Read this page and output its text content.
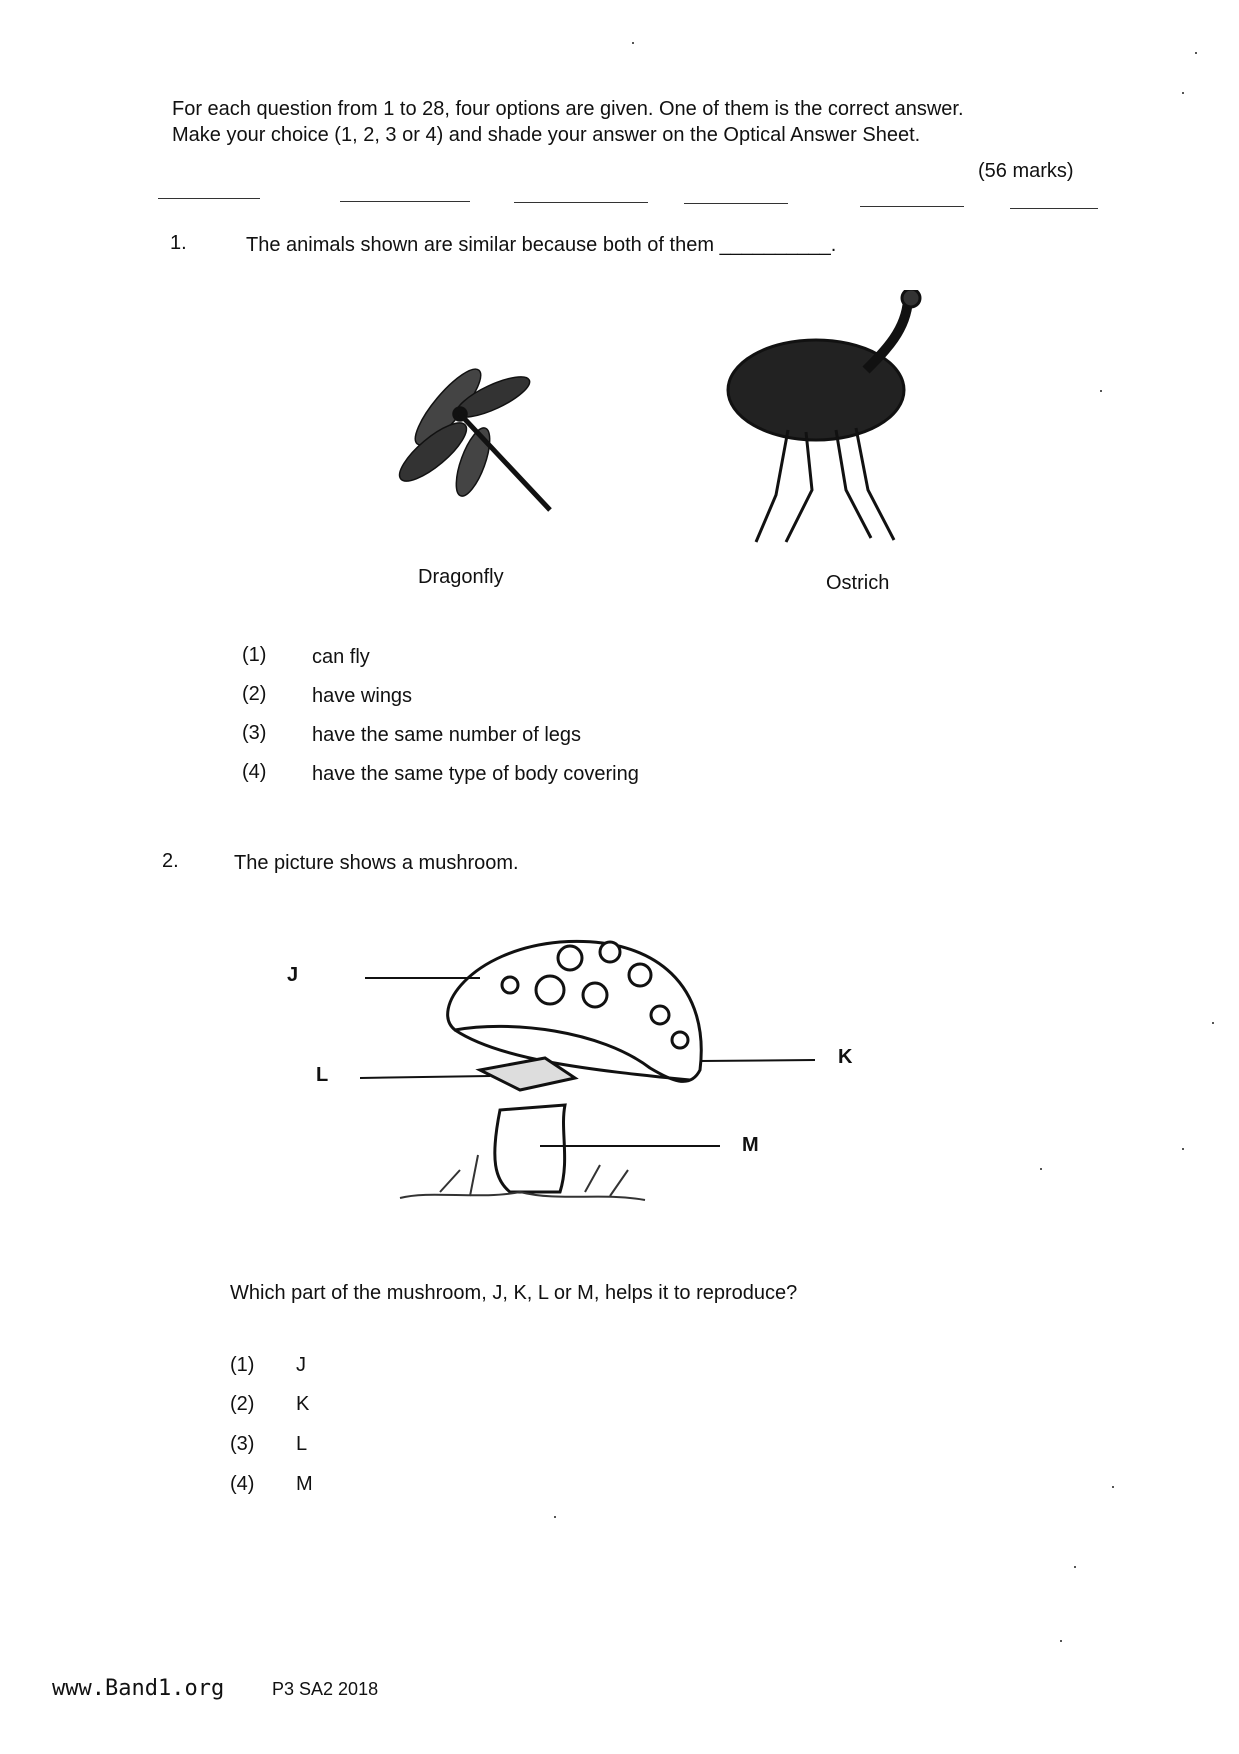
For each question from 1 to 28, four options are given. One of them is the correct answer.
Make your choice (1, 2, 3 or 4) and shade your answer on the Optical Answer Sheet.
(56 marks)
1.	The animals shown are similar because both of them __________.
Dragonfly	Ostrich
(1) can fly
(2) have wings
(3) have the same number of legs
(4) have the same type of body covering
2.	The picture shows a mushroom.
J
K
L
M
Which part of the mushroom, J, K, L or M, helps it to reproduce?
(1) J
(2) K
(3) L
(4) M
www.Band1.org	P3 SA2 2018
